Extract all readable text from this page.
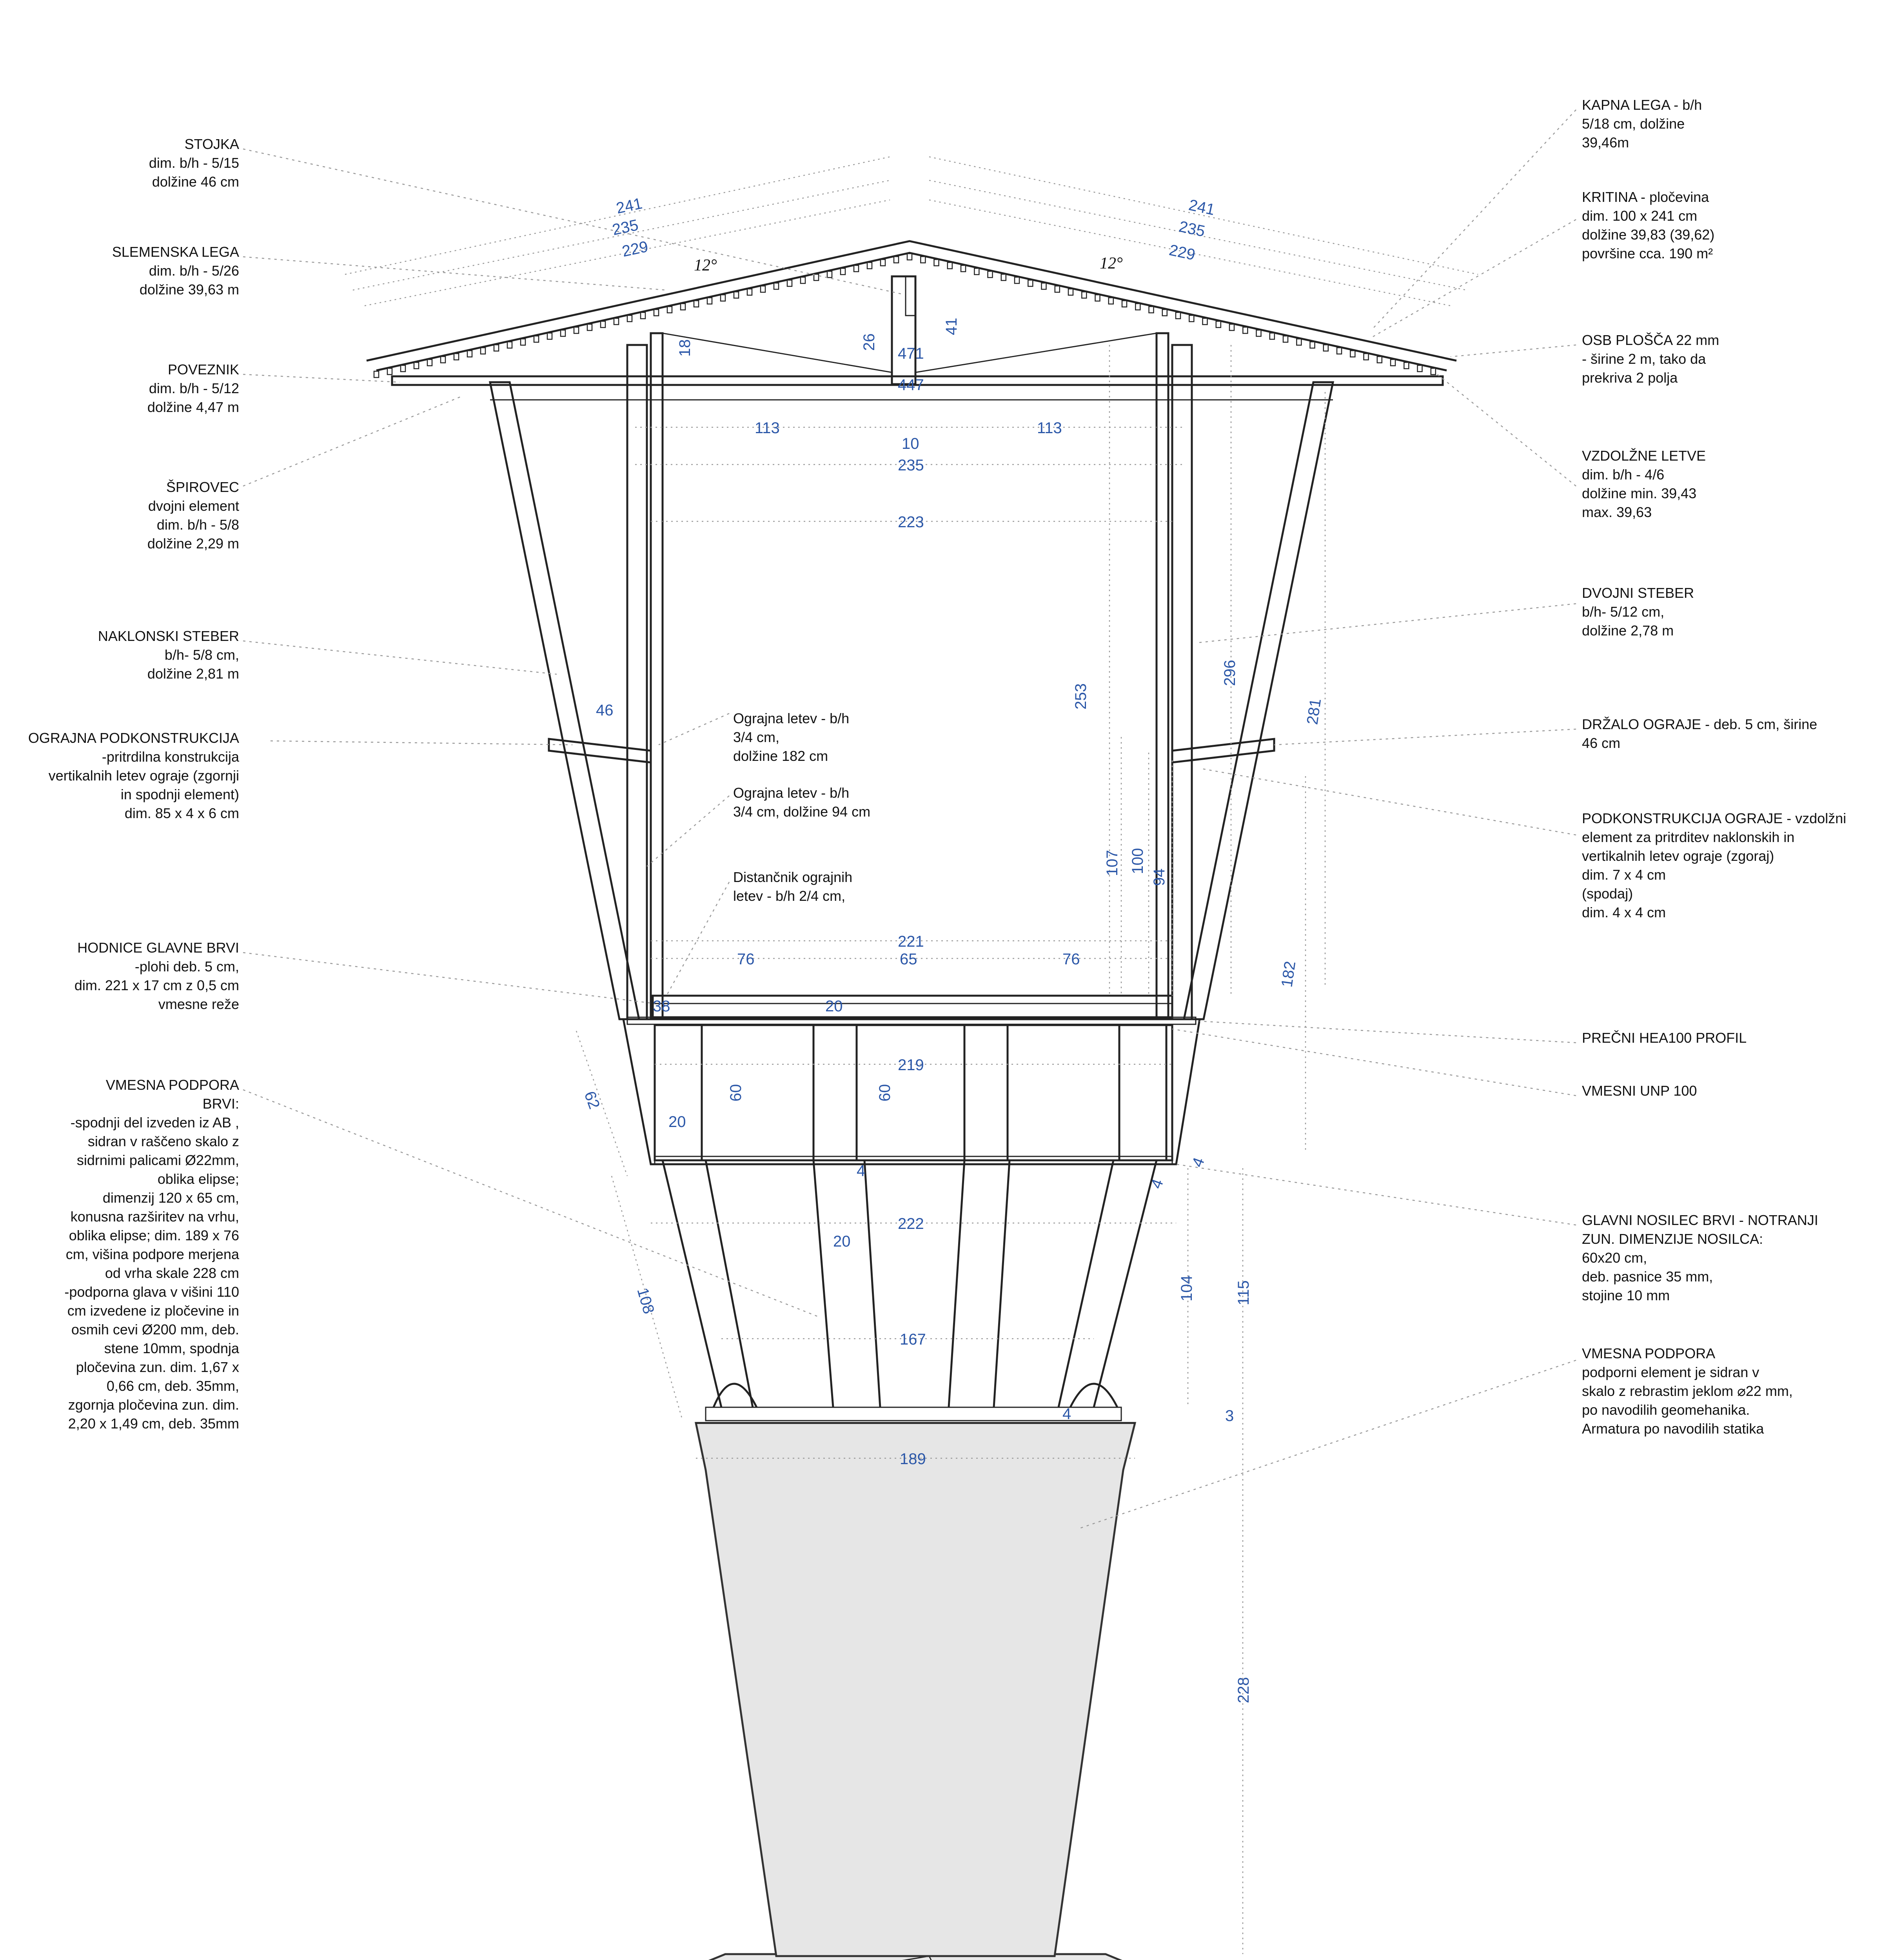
STOJKA
dim. b/h - 5/15
dolžine 46 cm
SLEMENSKA LEGA
dim. b/h - 5/26
dolžine 39,63 m
POVEZNIK
dim. b/h - 5/12
dolžine 4,47 m
ŠPIROVEC
dvojni element
dim. b/h - 5/8
dolžine 2,29 m
NAKLONSKI STEBER
b/h- 5/8 cm,
dolžine 2,81 m
OGRAJNA PODKONSTRUKCIJA
-pritrdilna konstrukcija
vertikalnih letev ograje (zgornji
in spodnji element)
dim. 85 x 4 x 6 cm
HODNICE GLAVNE BRVI
-plohi deb. 5 cm,
dim. 221 x 17 cm z 0,5 cm
vmesne reže
VMESNA PODPORA
BRVI:
-spodnji del izveden iz AB ,
sidran v raščeno skalo z
sidrnimi palicami Ø22mm,
oblika elipse;
dimenzij 120 x 65 cm,
konusna razširitev na vrhu,
oblika elipse; dim. 189 x 76
cm, višina podpore merjena
od vrha skale 228 cm
-podporna glava v višini 110
cm izvedene iz pločevine in
osmih cevi Ø200 mm, deb.
stene 10mm, spodnja
pločevina zun. dim. 1,67 x
0,66 cm, deb. 35mm,
zgornja pločevina zun. dim.
2,20 x 1,49 cm, deb. 35mm
KAPNA LEGA - b/h
5/18 cm, dolžine
39,46m
KRITINA - pločevina
dim. 100 x 241 cm
dolžine 39,83 (39,62)
površine cca. 190 m²
OSB PLOŠČA 22 mm
- širine 2 m, tako da
prekriva 2 polja
VZDOLŽNE LETVE
dim. b/h - 4/6
dolžine min. 39,43
max. 39,63
DVOJNI STEBER
b/h- 5/12 cm,
dolžine 2,78 m
DRŽALO OGRAJE - deb. 5 cm, širine
46 cm
PODKONSTRUKCIJA OGRAJE - vzdolžni
element za pritrditev naklonskih in
vertikalnih letev ograje (zgoraj)
dim. 7 x 4 cm
(spodaj)
dim. 4 x 4 cm
PREČNI HEA100 PROFIL
VMESNI UNP 100
GLAVNI NOSILEC BRVI - NOTRANJI
ZUN. DIMENZIJE NOSILCA:
60x20 cm,
deb. pasnice 35 mm,
stojine 10 mm
VMESNA PODPORA
podporni element je sidran v
skalo z rebrastim jeklom ⌀22 mm,
po navodilih geomehanika.
Armatura po navodilih statika
Ograjna letev - b/h
3/4 cm,
dolžine 182 cm
Ograjna letev - b/h
3/4 cm, dolžine 94 cm
Distančnik ograjnih
letev - b/h 2/4 cm,
12°	12°
241
235
229
241
235
229
18	26
41
471
447
113
10
113
235
223
253
296
281
46
107 100
94
182
221
76	65	76
38	20
219
62
20
60	60
4
4
4
222
20
104	115
108
167
4	3
189
228
